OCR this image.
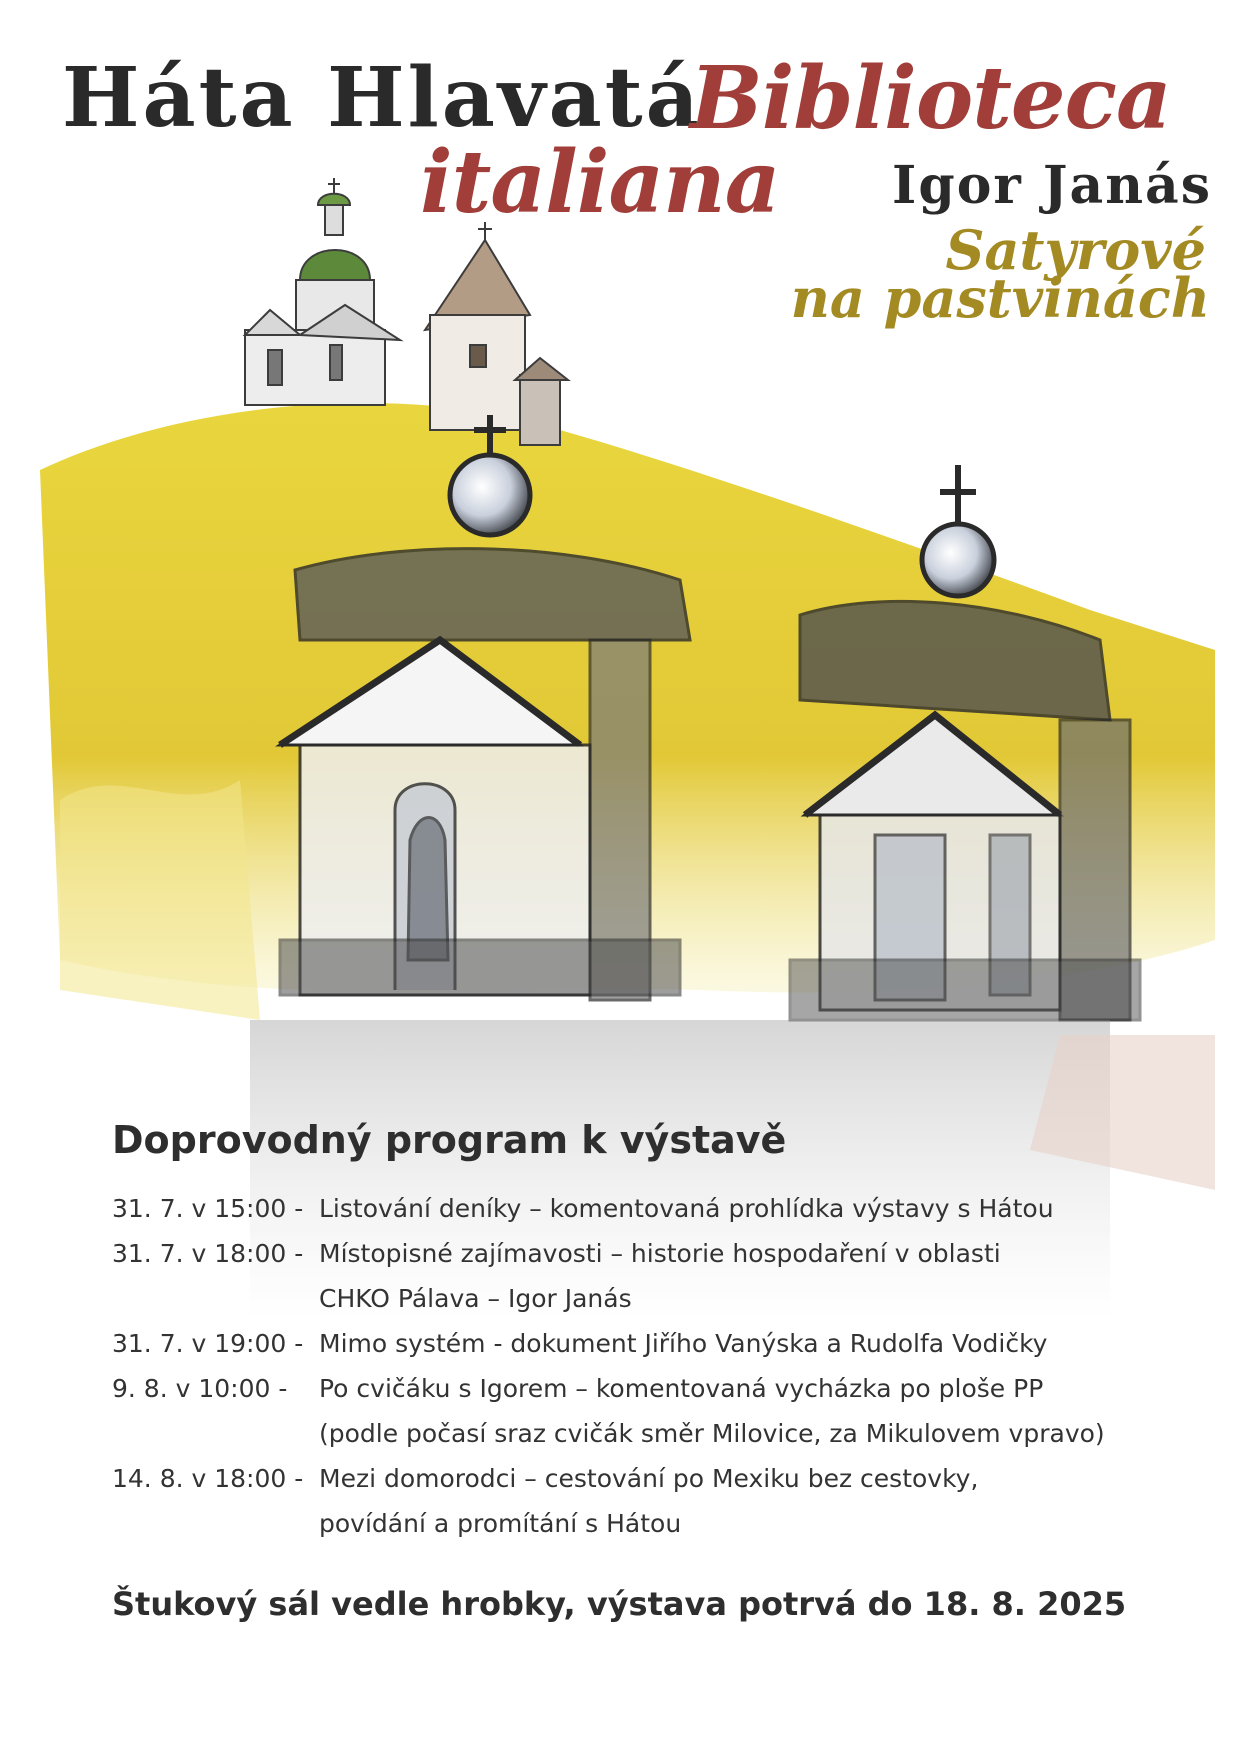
Háta Hlavatá
Biblioteca
italiana Igor Janás
Satyrové
na pastvinách
Doprovodný program k výstavě
31. 7. v 15:00 - Listování deníky – komentovaná prohlídka výstavy s Hátou
31. 7. v 18:00 - Místopisné zajímavosti – historie hospodaření v oblasti
CHKO Pálava – Igor Janás
31. 7. v 19:00 - Mimo systém - dokument Jiřího Vanýska a Rudolfa Vodičky
9. 8. v 10:00 -	Po cvičáku s Igorem – komentovaná vycházka po ploše PP
(podle počasí sraz cvičák směr Milovice, za Mikulovem vpravo)
14. 8. v 18:00 - Mezi domorodci – cestování po Mexiku bez cestovky,
povídání a promítání s Hátou
Štukový sál vedle hrobky, výstava potrvá do 18. 8. 2025
